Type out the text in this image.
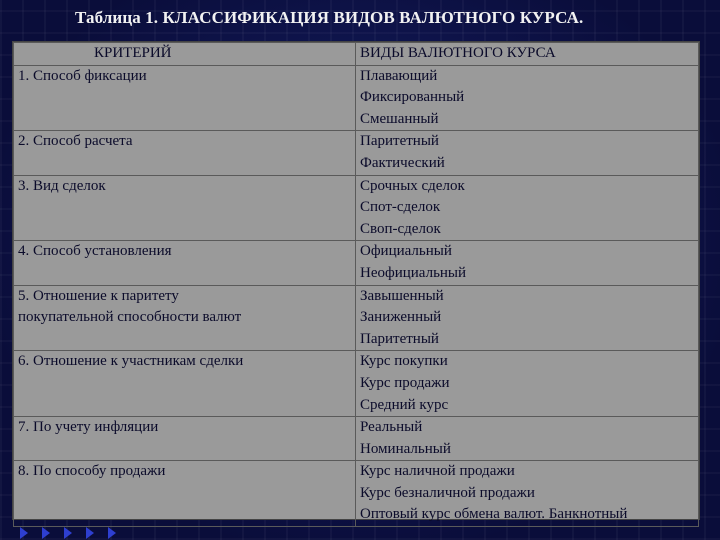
Таблица 1. КЛАССИФИКАЦИЯ ВИДОВ ВАЛЮТНОГО КУРСА.
КРИТЕРИЙ	ВИДЫ ВАЛЮТНОГО КУРСА

1. Способ фиксации	Плавающий
Фиксированный
Смешанный

2. Способ расчета	Паритетный
Фактический

3. Вид сделок	Срочных сделок
Спот-сделок
Своп-сделок

4. Способ установления	Официальный
Неофициальный

5. Отношение к паритету
покупательной способности валют	Завышенный
Заниженный
Паритетный

6. Отношение к участникам сделки	Курс покупки
Курс продажи
Средний курс

7. По учету инфляции	Реальный
Номинальный

8. По способу продажи	Курс наличной продажи
Курс безналичной продажи
Оптовый курс обмена валют. Банкнотный
